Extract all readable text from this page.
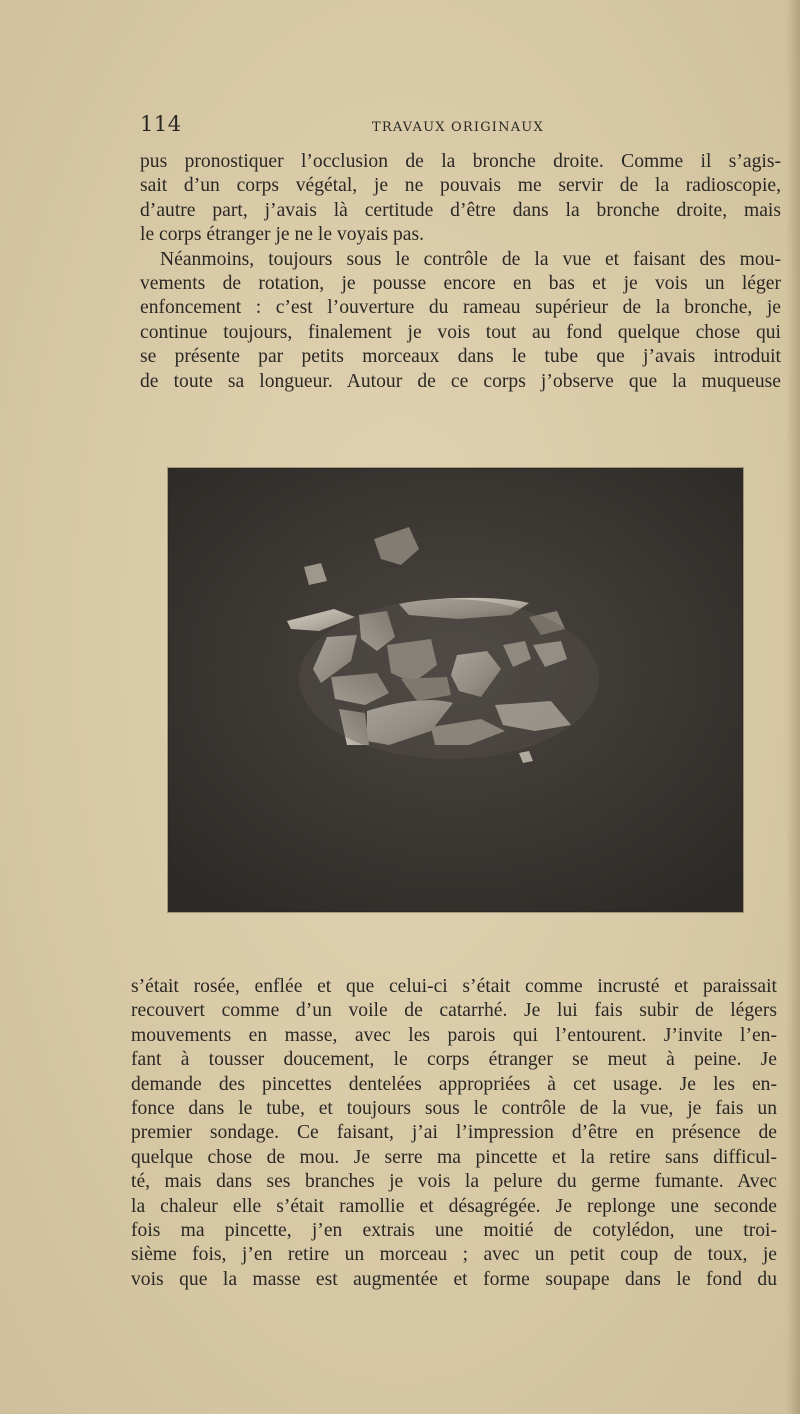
114	TRAVAUX ORIGINAUX
pus pronostiquer l’occlusion de la bronche droite. Comme il s’agis-
sait d’un corps végétal, je ne pouvais me servir de la radioscopie,
d’autre part, j’avais là certitude d’être dans la bronche droite, mais
le corps étranger je ne le voyais pas.
Néanmoins, toujours sous le contrôle de la vue et faisant des mou-
vements de rotation, je pousse encore en bas et je vois un léger
enfoncement : c’est l’ouverture du rameau supérieur de la bronche, je
continue toujours, finalement je vois tout au fond quelque chose qui
se présente par petits morceaux dans le tube que j’avais introduit
de toute sa longueur. Autour de ce corps j’observe que la muqueuse
s’était rosée, enflée et que celui-ci s’était comme incrusté et paraissait
recouvert comme d’un voile de catarrhé. Je lui fais subir de légers
mouvements en masse, avec les parois qui l’entourent. J’invite l’en-
fant à tousser doucement, le corps étranger se meut à peine. Je
demande des pincettes dentelées appropriées à cet usage. Je les en-
fonce dans le tube, et toujours sous le contrôle de la vue, je fais un
premier sondage. Ce faisant, j’ai l’impression d’être en présence de
quelque chose de mou. Je serre ma pincette et la retire sans difficul-
té, mais dans ses branches je vois la pelure du germe fumante. Avec
la chaleur elle s’était ramollie et désagrégée. Je replonge une seconde
fois ma pincette, j’en extrais une moitié de cotylédon, une troi-
sième fois, j’en retire un morceau ; avec un petit coup de toux, je
vois que la masse est augmentée et forme soupape dans le fond du
